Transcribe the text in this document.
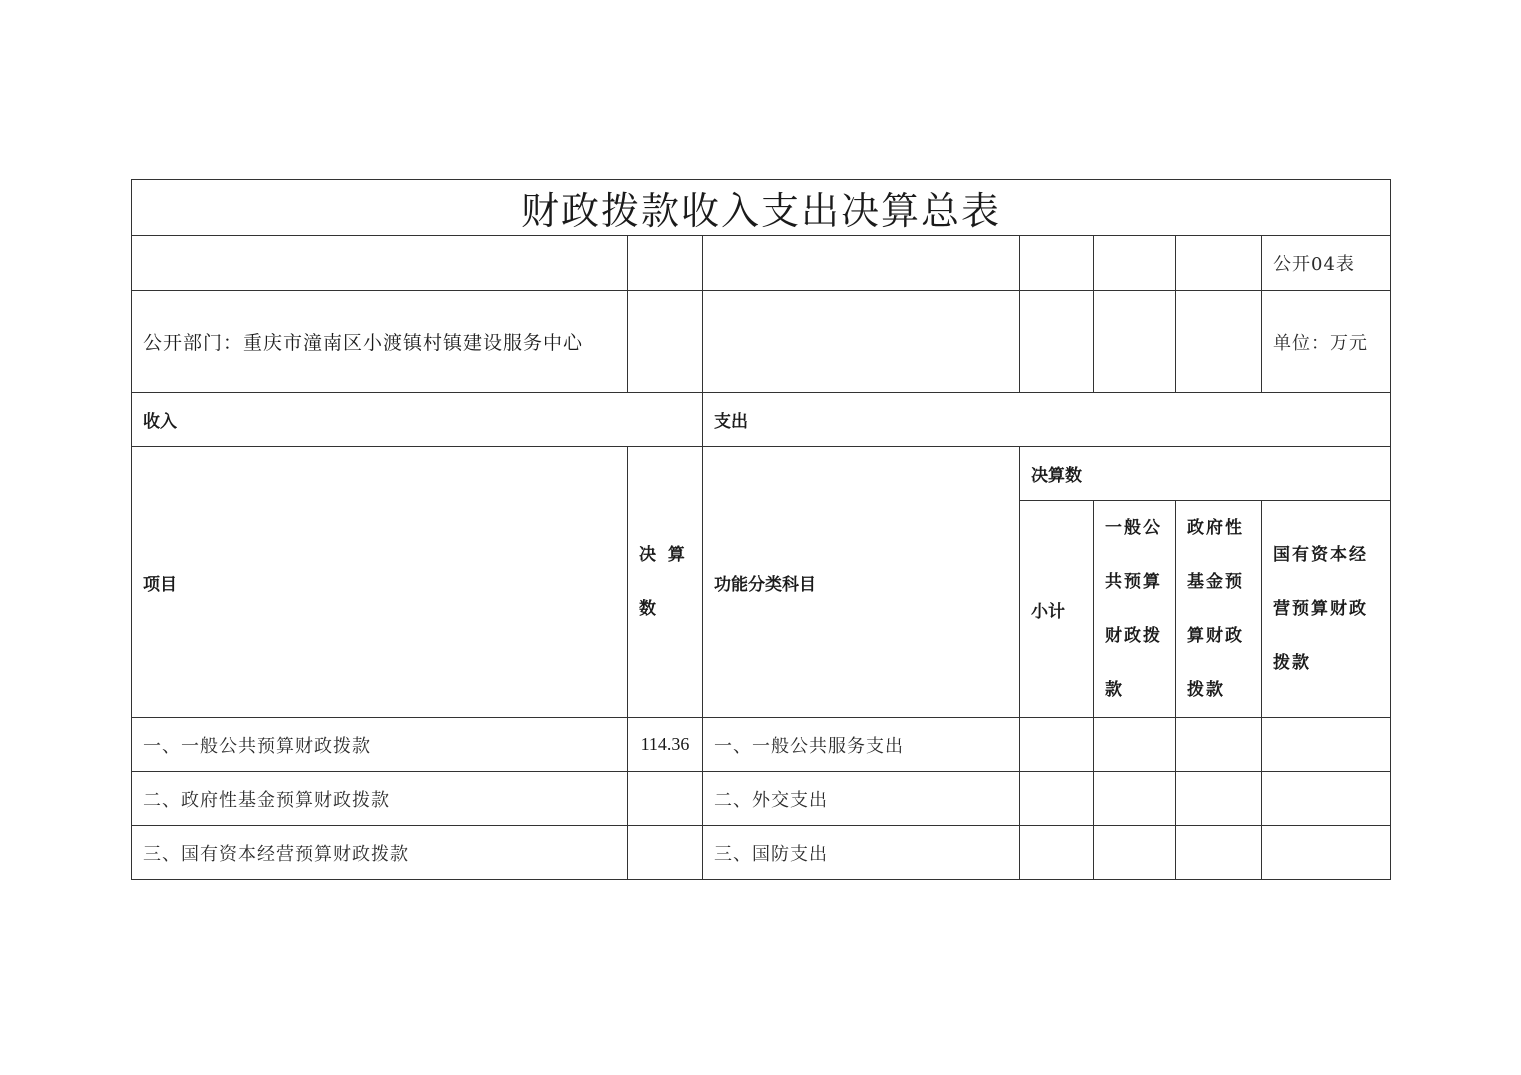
财政拨款收入支出决算总表						
						公开04表
公开部门：重庆市潼南区小渡镇村镇建设服务中心						单位：万元
收入		支出				
项目	决 算 数	功能分类科目	决算数			
			小计	一般公共预算财政拨款	政府性基金预算财政拨款	国有资本经营预算财政拨款
一、一般公共预算财政拨款	114.36	一、一般公共服务支出				
二、政府性基金预算财政拨款		二、外交支出				
三、国有资本经营预算财政拨款		三、国防支出				
